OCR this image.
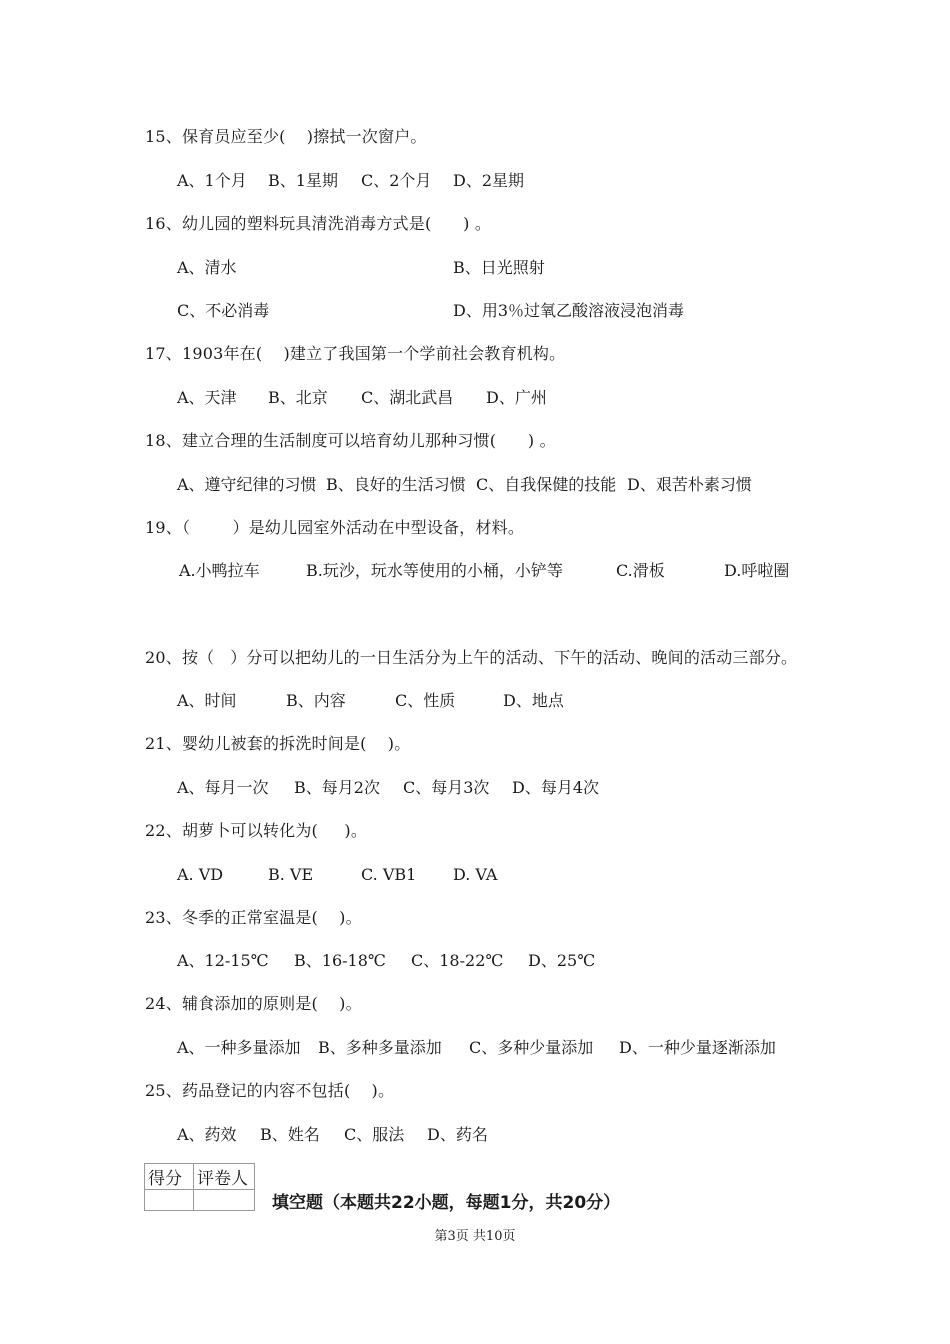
15、保育员应至少(    )擦拭一次窗户。
A、1个月 B、1星期 C、2个月 D、2星期
16、幼儿园的塑料玩具清洗消毒方式是(      ) 。
A、清水	B、日光照射
C、不必消毒	D、用3％过氧乙酸溶液浸泡消毒
17、1903年在(    )建立了我国第一个学前社会教育机构。
A、天津 B、北京 C、湖北武昌 D、广州
18、建立合理的生活制度可以培育幼儿那种习惯(      ) 。
A、遵守纪律的习惯 B、良好的生活习惯 C、自我保健的技能 D、艰苦朴素习惯
19、（        ）是幼儿园室外活动在中型设备，材料。
A.小鸭拉车	B.玩沙，玩水等使用的小桶，小铲等	C.滑板	D.呼啦圈
20、按（   ）分可以把幼儿的一日生活分为上午的活动、下午的活动、晚间的活动三部分。
A、时间	B、内容	C、性质	D、地点
21、婴幼儿被套的拆洗时间是(    )。
A、每月一次 B、每月2次 C、每月3次 D、每月4次
22、胡萝卜可以转化为(     )。
A. VD	B. VE	C. VB1 D. VA
23、冬季的正常室温是(    )。
A、12-15℃ B、16-18℃ C、18-22℃ D、25℃
24、辅食添加的原则是(    )。
A、一种多量添加 B、多种多量添加 C、多种少量添加 D、一种少量逐渐添加
25、药品登记的内容不包括(    )。
A、药效 B、姓名 C、服法 D、药名
得分	评卷人

填空题（本题共22小题，每题1分，共20分）
第3页 共10页
